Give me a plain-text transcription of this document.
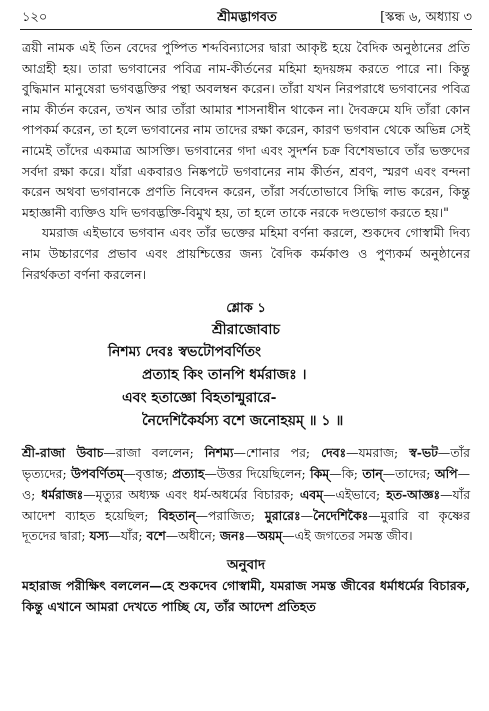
১২০	শ্রীমদ্ভাগবত	[স্কন্ধ ৬, অধ্যায় ৩

ত্রয়ী নামক এই তিন বেদের পুষ্পিত শব্দবিন্যাসের দ্বারা আকৃষ্ট হয়ে বৈদিক অনুষ্ঠানের প্রতি আগ্রহী হয়। তারা ভগবানের পবিত্র নাম-কীর্তনের মহিমা হৃদয়ঙ্গম করতে পারে না। কিন্তু বুদ্ধিমান মানুষেরা ভগবদ্ভক্তির পন্থা অবলম্বন করেন। তাঁরা যখন নিরপরাধে ভগবানের পবিত্র নাম কীর্তন করেন, তখন আর তাঁরা আমার শাসনাধীন থাকেন না। দৈবক্রমে যদি তাঁরা কোন পাপকর্ম করেন, তা হলে ভগবানের নাম তাদের রক্ষা করেন, কারণ ভগবান থেকে অভিন্ন সেই নামেই তাঁদের একমাত্র আসক্তি। ভগবানের গদা এবং সুদর্শন চক্র বিশেষভাবে তাঁর ভক্তদের সর্বদা রক্ষা করে। যাঁরা একবারও নিষ্কপটে ভগবানের নাম কীর্তন, শ্রবণ, স্মরণ এবং বন্দনা করেন অথবা ভগবানকে প্রণতি নিবেদন করেন, তাঁরা সর্বতোভাবে সিদ্ধি লাভ করেন, কিন্তু মহাজ্ঞানী ব্যক্তিও যদি ভগবদ্ভক্তি-বিমুখ হয়, তা হলে তাকে নরকে দণ্ডভোগ করতে হয়।"

যমরাজ এইভাবে ভগবান এবং তাঁর ভক্তের মহিমা বর্ণনা করলে, শুকদেব গোস্বামী দিব্য নাম উচ্চারণের প্রভাব এবং প্রায়শ্চিত্তের জন্য বৈদিক কর্মকাণ্ড ও পুণ্যকর্ম অনুষ্ঠানের নিরর্থকতা বর্ণনা করলেন।

শ্লোক ১
শ্রীরাজোবাচ
নিশম্য দেবঃ স্বভটোপবর্ণিতং
প্রত্যাহ কিং তানপি ধর্মরাজঃ ।
এবং হতাজ্ঞো বিহতান্মুরারে-
নৈদেশিকৈর্যস্য বশে জনোহয়ম্ ॥ ১ ॥
শ্রী-রাজা উবাচ—রাজা বললেন; নিশম্য—শোনার পর; দেবঃ—যমরাজ; স্ব-ভট—তাঁর ভৃত্যদের; উপবর্ণিতম্—বৃত্তান্ত; প্রত্যাহ—উত্তর দিয়েছিলেন; কিম্—কি; তান্—তাদের; অপি—ও; ধর্মরাজঃ—মৃত্যুর অধ্যক্ষ এবং ধর্ম-অধর্মের বিচারক; এবম্—এইভাবে; হত-আজ্ঞঃ—যাঁর আদেশ ব্যাহত হয়েছিল; বিহতান্—পরাজিত; মুরারেঃ—নৈদেশিকৈঃ—মুরারি বা কৃষ্ণের দূতদের দ্বারা; যস্য—যাঁর; বশে—অধীনে; জনঃ—অয়ম্—এই জগতের সমস্ত জীব।
অনুবাদ
মহারাজ পরীক্ষিৎ বললেন—হে শুকদেব গোস্বামী, যমরাজ সমস্ত জীবের ধর্মাধর্মের বিচারক, কিন্তু এখানে আমরা দেখতে পাচ্ছি যে, তাঁর আদেশ প্রতিহত
